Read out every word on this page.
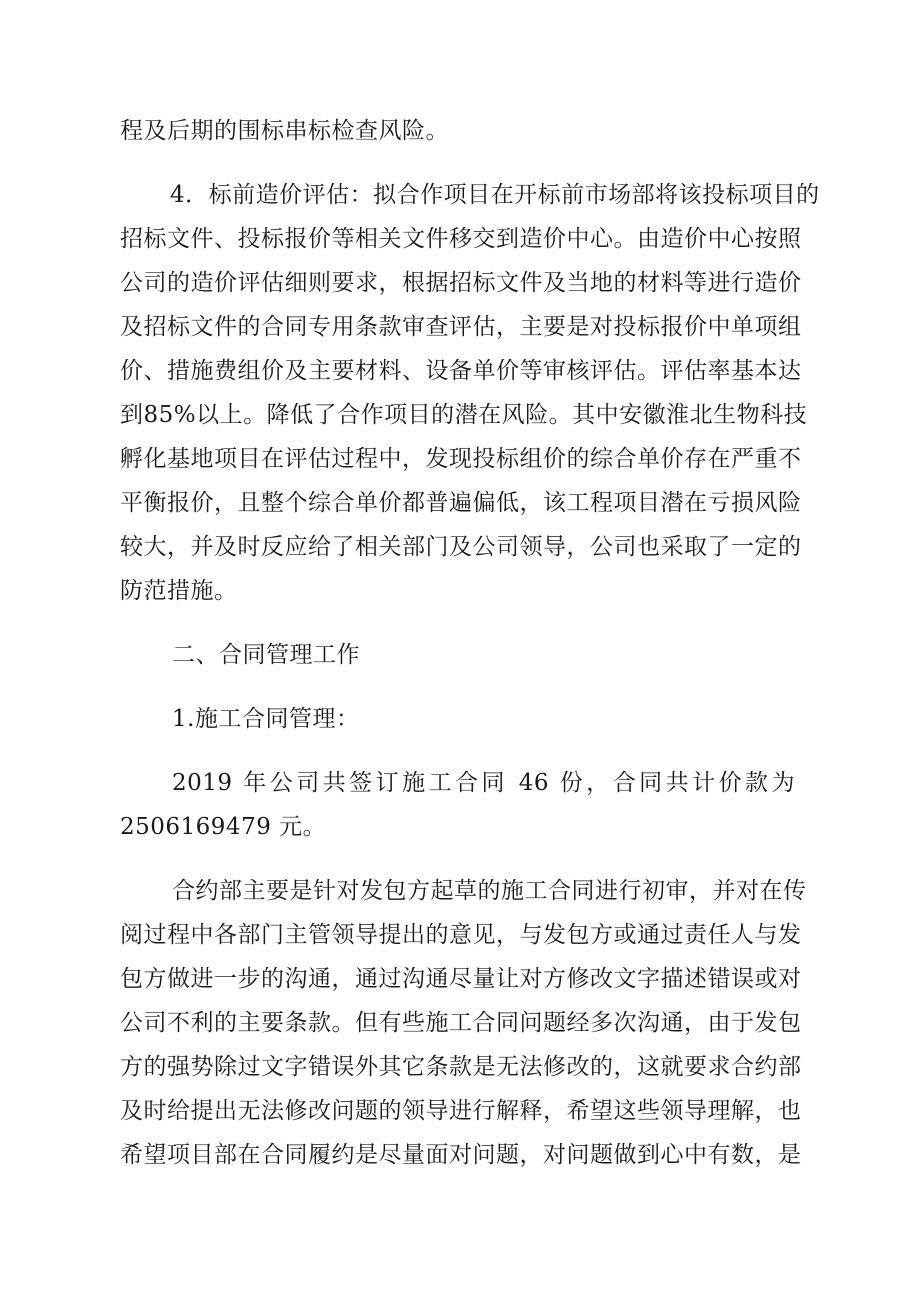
程及后期的围标串标检查风险。
4．标前造价评估：拟合作项目在开标前市场部将该投标项目的
招标文件、投标报价等相关文件移交到造价中心。由造价中心按照
公司的造价评估细则要求，根据招标文件及当地的材料等进行造价
及招标文件的合同专用条款审查评估，主要是对投标报价中单项组
价、措施费组价及主要材料、设备单价等审核评估。评估率基本达
到85%以上。降低了合作项目的潜在风险。其中安徽淮北生物科技
孵化基地项目在评估过程中，发现投标组价的综合单价存在严重不
平衡报价，且整个综合单价都普遍偏低，该工程项目潜在亏损风险
较大，并及时反应给了相关部门及公司领导，公司也采取了一定的
防范措施。
二、合同管理工作
1.施工合同管理：
2019 年公司共签订施工合同 46 份，合同共计价款为
2506169479 元。
合约部主要是针对发包方起草的施工合同进行初审，并对在传
阅过程中各部门主管领导提出的意见，与发包方或通过责任人与发
包方做进一步的沟通，通过沟通尽量让对方修改文字描述错误或对
公司不利的主要条款。但有些施工合同问题经多次沟通，由于发包
方的强势除过文字错误外其它条款是无法修改的，这就要求合约部
及时给提出无法修改问题的领导进行解释，希望这些领导理解，也
希望项目部在合同履约是尽量面对问题，对问题做到心中有数，是
